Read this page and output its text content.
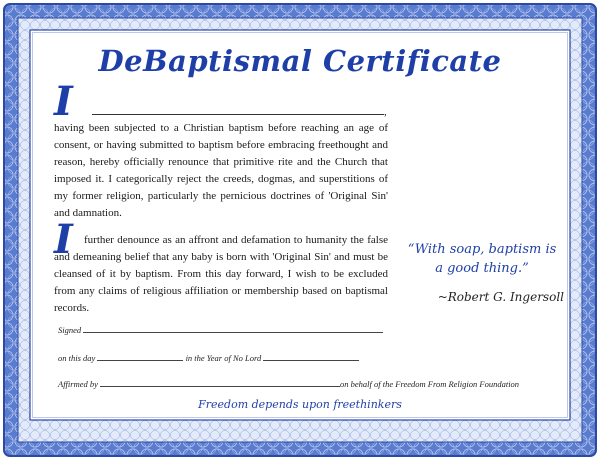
DeBaptismal Certificate
I	,
having been subjected to a Christian baptism before reaching an age of consent, or having submitted to baptism before embracing freethought and reason, hereby officially renounce that primitive rite and the Church that imposed it. I categorically reject the creeds, dogmas, and superstitions of my former religion, particularly the pernicious doctrines of 'Original Sin' and damnation.
I	further denounce as an affront and defamation to humanity the false and demeaning belief that any baby is born with 'Original Sin' and must be cleansed of it by baptism. From this day forward, I wish to be excluded from any claims of religious affiliation or membership based on baptismal records.
Signed
on this day	in the Year of No Lord
Affirmed by	on behalf of the Freedom From Religion Foundation
“With soap, baptism is a good thing.”
~Robert G. Ingersoll
Freedom depends upon freethinkers
